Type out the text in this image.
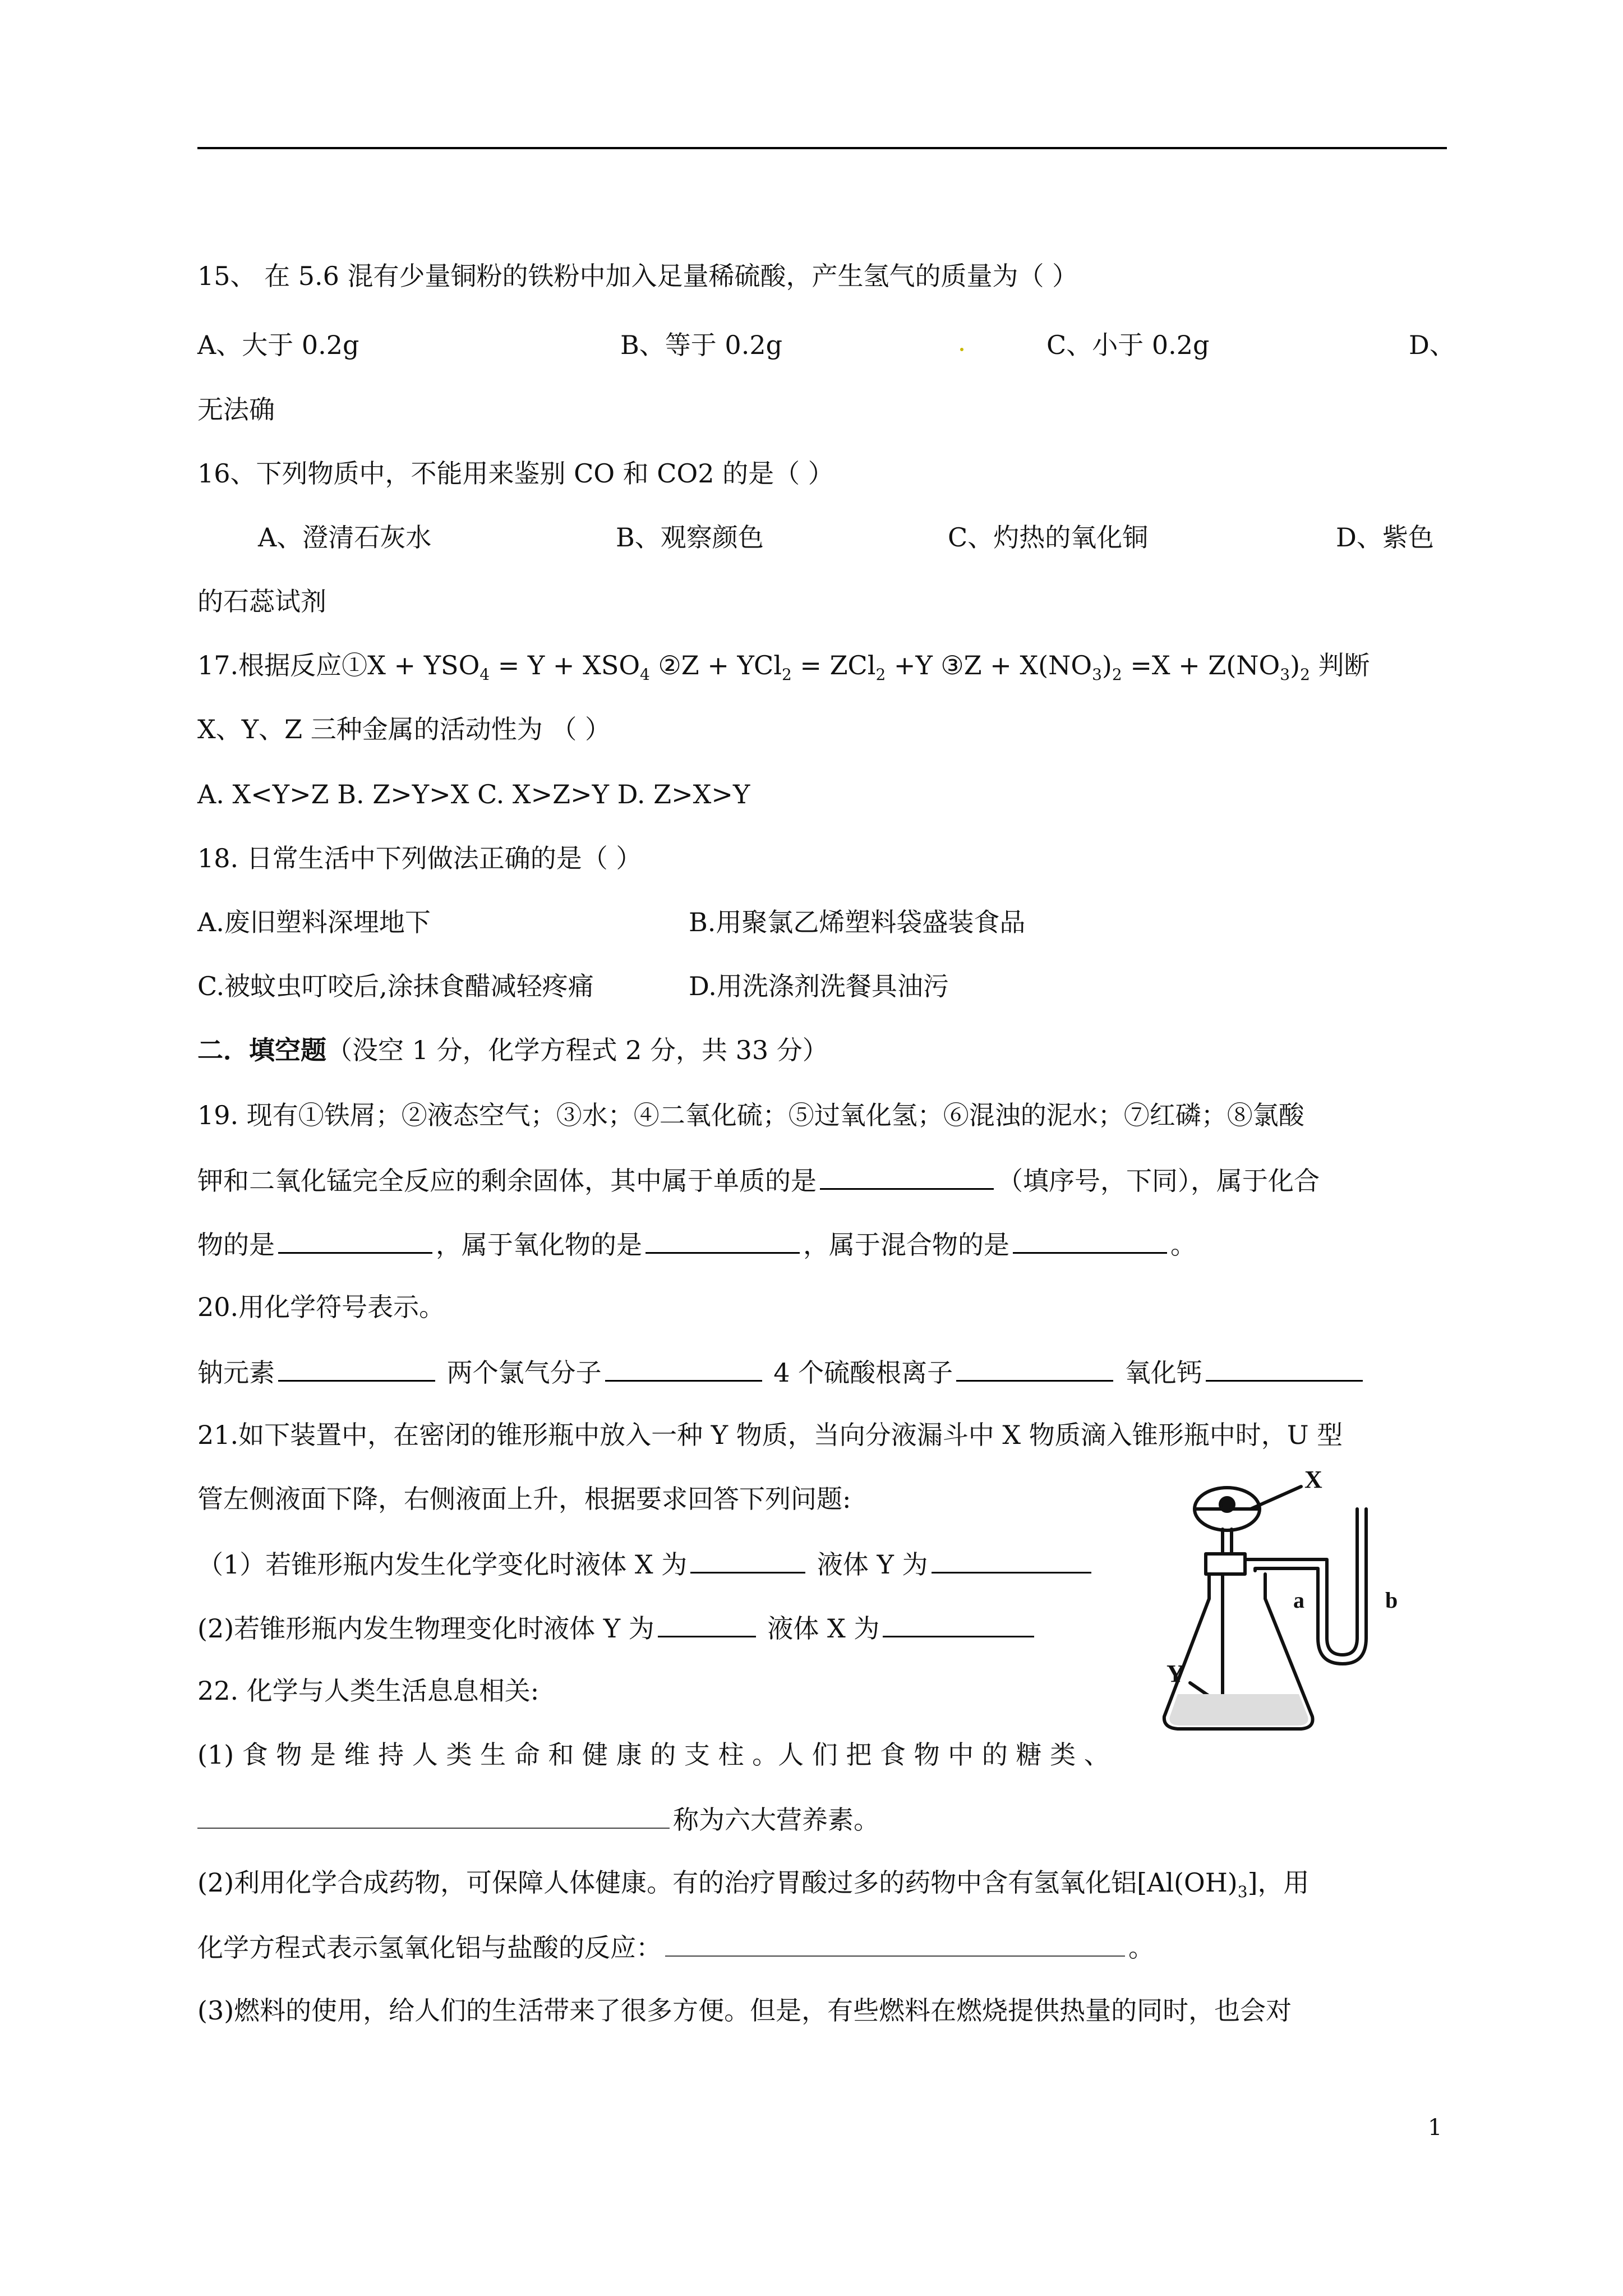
15、 在 5.6 混有少量铜粉的铁粉中加入足量稀硫酸，产生氢气的质量为（ ）
A、大于 0.2g	B、等于 0.2g	C、小于 0.2g	D、
无法确
16、下列物质中，不能用来鉴别 CO 和 CO2 的是（ ）
A、澄清石灰水	B、观察颜色	C、灼热的氧化铜	D、紫色
的石蕊试剂
17.根据反应①X + $YSO_4 = Y + XSO_4$ ②Z + YCl$_2$ = ZCl$_2$ +Y ③Z + $X(NO_3)_2 =X + Z(NO_3)_2$ 判断
X、Y、Z 三种金属的活动性为 （ ）
A. X<Y>Z B. Z>Y>X C. X>Z>Y D. Z>X>Y
18. 日常生活中下列做法正确的是（ ）
A.废旧塑料深埋地下	B.用聚氯乙烯塑料袋盛装食品
C.被蚊虫叮咬后,涂抹食醋减轻疼痛	D.用洗涤剂洗餐具油污
二．填空题（没空 1 分，化学方程式 2 分，共 33 分）
19. 现有①铁屑；②液态空气；③水；④二氧化硫；⑤过氧化氢；⑥混浊的泥水；⑦红磷；⑧氯酸
钾和二氧化锰完全反应的剩余固体，其中属于单质的是	（填序号，下同），属于化合
物的是	，属于氧化物的是	，属于混合物的是	。
20.用化学符号表示。
钠元素	两个氯气分子	4 个硫酸根离子	氧化钙
21.如下装置中，在密闭的锥形瓶中放入一种 Y 物质，当向分液漏斗中 X 物质滴入锥形瓶中时，U 型
管左侧液面下降，右侧液面上升，根据要求回答下列问题:
（1）若锥形瓶内发生化学变化时液体 X 为	液体 Y 为
(2)若锥形瓶内发生物理变化时液体 Y 为	液体 X 为
X
Y
a	b
22. 化学与人类生活息息相关:
(1) 食 物 是 维 持 人 类 生 命 和 健 康 的 支 柱 。人 们 把 食 物 中 的 糖 类 、
称为六大营养素。
(2)利用化学合成药物，可保障人体健康。有的治疗胃酸过多的药物中含有氢氧化铝$[Al(OH)_3]$，用
化学方程式表示氢氧化铝与盐酸的反应：	。
(3)燃料的使用，给人们的生活带来了很多方便。但是，有些燃料在燃烧提供热量的同时，也会对
1
